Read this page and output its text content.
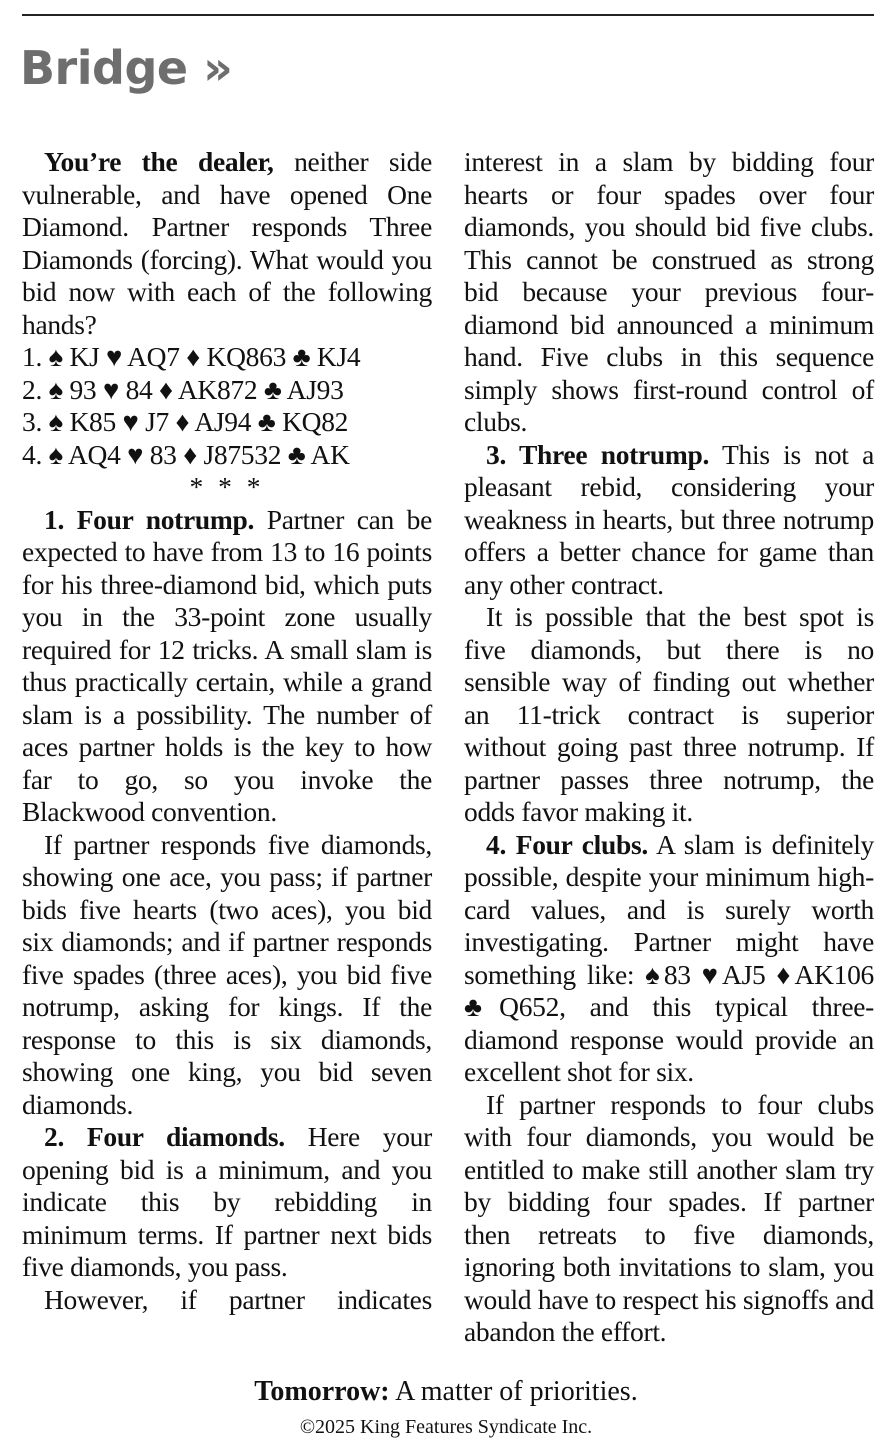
Bridge »

You’re the dealer, neither side vulnerable, and have opened One Diamond. Partner responds Three Diamonds (forcing). What would you bid now with each of the following hands?

1. ♠ KJ ♥ AQ7 ♦ KQ863 ♣ KJ4
2. ♠ 93 ♥ 84 ♦ AK872 ♣ AJ93
3. ♠ K85 ♥ J7 ♦ AJ94 ♣ KQ82
4. ♠ AQ4 ♥ 83 ♦ J87532 ♣ AK
* * *

1. Four notrump. Partner can be expected to have from 13 to 16 points for his three-diamond bid, which puts you in the 33-point zone usually required for 12 tricks. A small slam is thus practically certain, while a grand slam is a possibility. The number of aces partner holds is the key to how far to go, so you invoke the Blackwood convention.

If partner responds five diamonds, showing one ace, you pass; if partner bids five hearts (two aces), you bid six diamonds; and if partner responds five spades (three aces), you bid five notrump, asking for kings. If the response to this is six diamonds, showing one king, you bid seven diamonds.

2. Four diamonds. Here your opening bid is a minimum, and you indicate this by rebidding in minimum terms. If partner next bids five diamonds, you pass.

However, if partner indicates

interest in a slam by bidding four hearts or four spades over four diamonds, you should bid five clubs. This cannot be construed as strong bid because your previous four-diamond bid announced a minimum hand. Five clubs in this sequence simply shows first-round control of clubs.

3. Three notrump. This is not a pleasant rebid, considering your weakness in hearts, but three notrump offers a better chance for game than any other contract.

It is possible that the best spot is five diamonds, but there is no sensible way of finding out whether an 11-trick contract is superior without going past three notrump. If partner passes three notrump, the odds favor making it.

4. Four clubs. A slam is definitely possible, despite your minimum high-card values, and is surely worth investigating. Partner might have something like: ♠83 ♥AJ5 ♦AK106 ♣Q652, and this typical three-diamond response would provide an excellent shot for six.

If partner responds to four clubs with four diamonds, you would be entitled to make still another slam try by bidding four spades. If partner then retreats to five diamonds, ignoring both invitations to slam, you would have to respect his signoffs and abandon the effort.

Tomorrow: A matter of priorities.

©2025 King Features Syndicate Inc.
